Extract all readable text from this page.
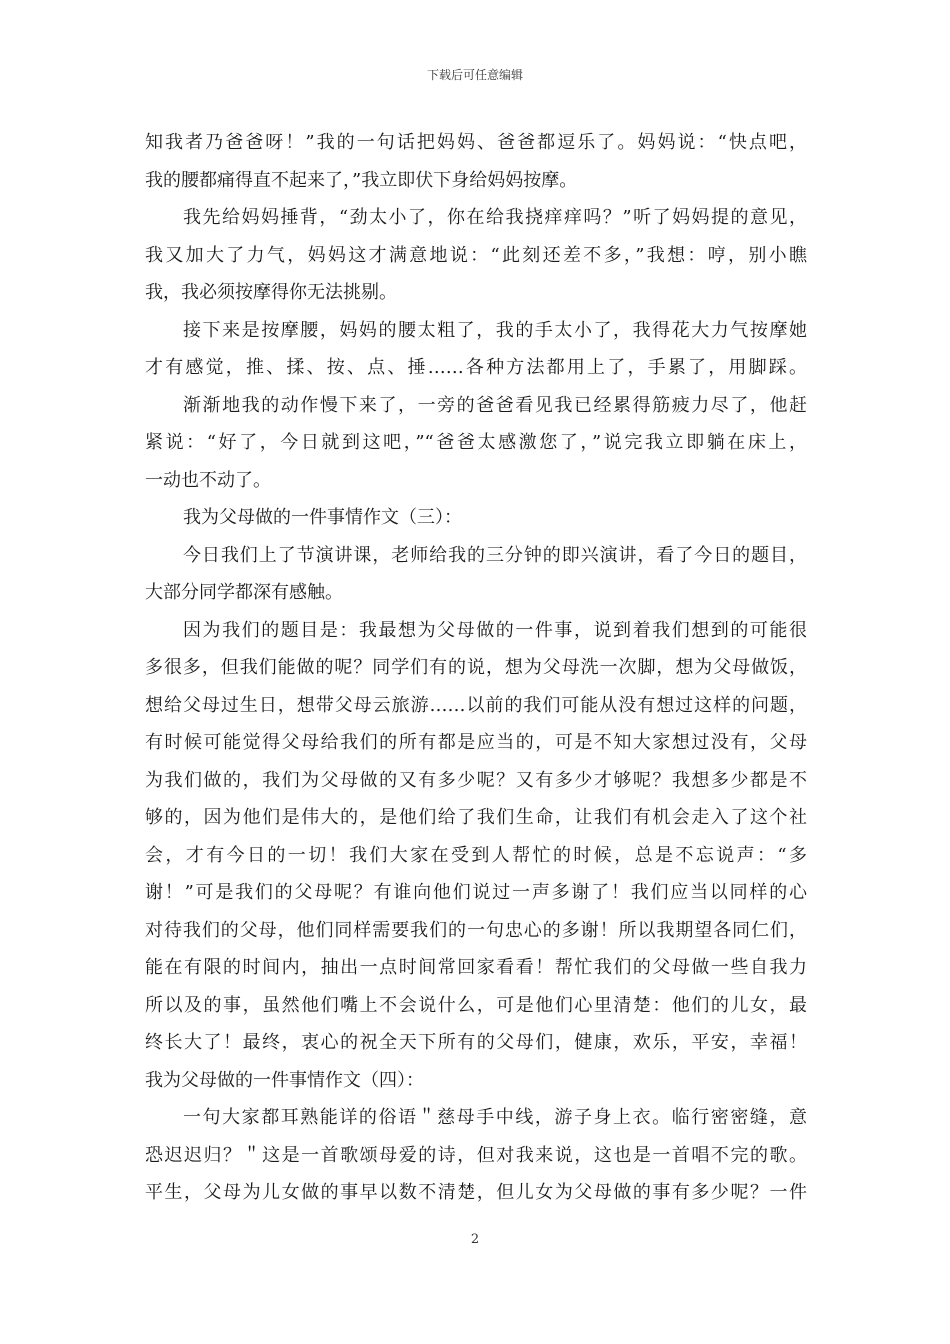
下载后可任意编辑
知我者乃爸爸呀！”我的一句话把妈妈、爸爸都逗乐了。妈妈说：“快点吧，
我的腰都痛得直不起来了，”我立即伏下身给妈妈按摩。
我先给妈妈捶背，“劲太小了，你在给我挠痒痒吗？”听了妈妈提的意见，
我又加大了力气，妈妈这才满意地说：“此刻还差不多，”我想：哼，别小瞧
我，我必须按摩得你无法挑剔。
接下来是按摩腰，妈妈的腰太粗了，我的手太小了，我得花大力气按摩她
才有感觉，推、揉、按、点、捶……各种方法都用上了，手累了，用脚踩。
渐渐地我的动作慢下来了，一旁的爸爸看见我已经累得筋疲力尽了，他赶
紧说：“好了，今日就到这吧，”“爸爸太感激您了，”说完我立即躺在床上，
一动也不动了。
我为父母做的一件事情作文（三）：
今日我们上了节演讲课，老师给我的三分钟的即兴演讲，看了今日的题目，
大部分同学都深有感触。
因为我们的题目是：我最想为父母做的一件事，说到着我们想到的可能很
多很多，但我们能做的呢？同学们有的说，想为父母洗一次脚，想为父母做饭，
想给父母过生日，想带父母云旅游……以前的我们可能从没有想过这样的问题，
有时候可能觉得父母给我们的所有都是应当的，可是不知大家想过没有，父母
为我们做的，我们为父母做的又有多少呢？又有多少才够呢？我想多少都是不
够的，因为他们是伟大的，是他们给了我们生命，让我们有机会走入了这个社
会，才有今日的一切！我们大家在受到人帮忙的时候，总是不忘说声：“多
谢！”可是我们的父母呢？有谁向他们说过一声多谢了！我们应当以同样的心
对待我们的父母，他们同样需要我们的一句忠心的多谢！所以我期望各同仁们，
能在有限的时间内，抽出一点时间常回家看看！帮忙我们的父母做一些自我力
所以及的事，虽然他们嘴上不会说什么，可是他们心里清楚：他们的儿女，最
终长大了！最终，衷心的祝全天下所有的父母们，健康，欢乐，平安，幸福！
我为父母做的一件事情作文（四）：
一句大家都耳熟能详的俗语＂慈母手中线，游子身上衣。临行密密缝，意
恐迟迟归？＂这是一首歌颂母爱的诗，但对我来说，这也是一首唱不完的歌。
平生，父母为儿女做的事早以数不清楚，但儿女为父母做的事有多少呢？一件
2
